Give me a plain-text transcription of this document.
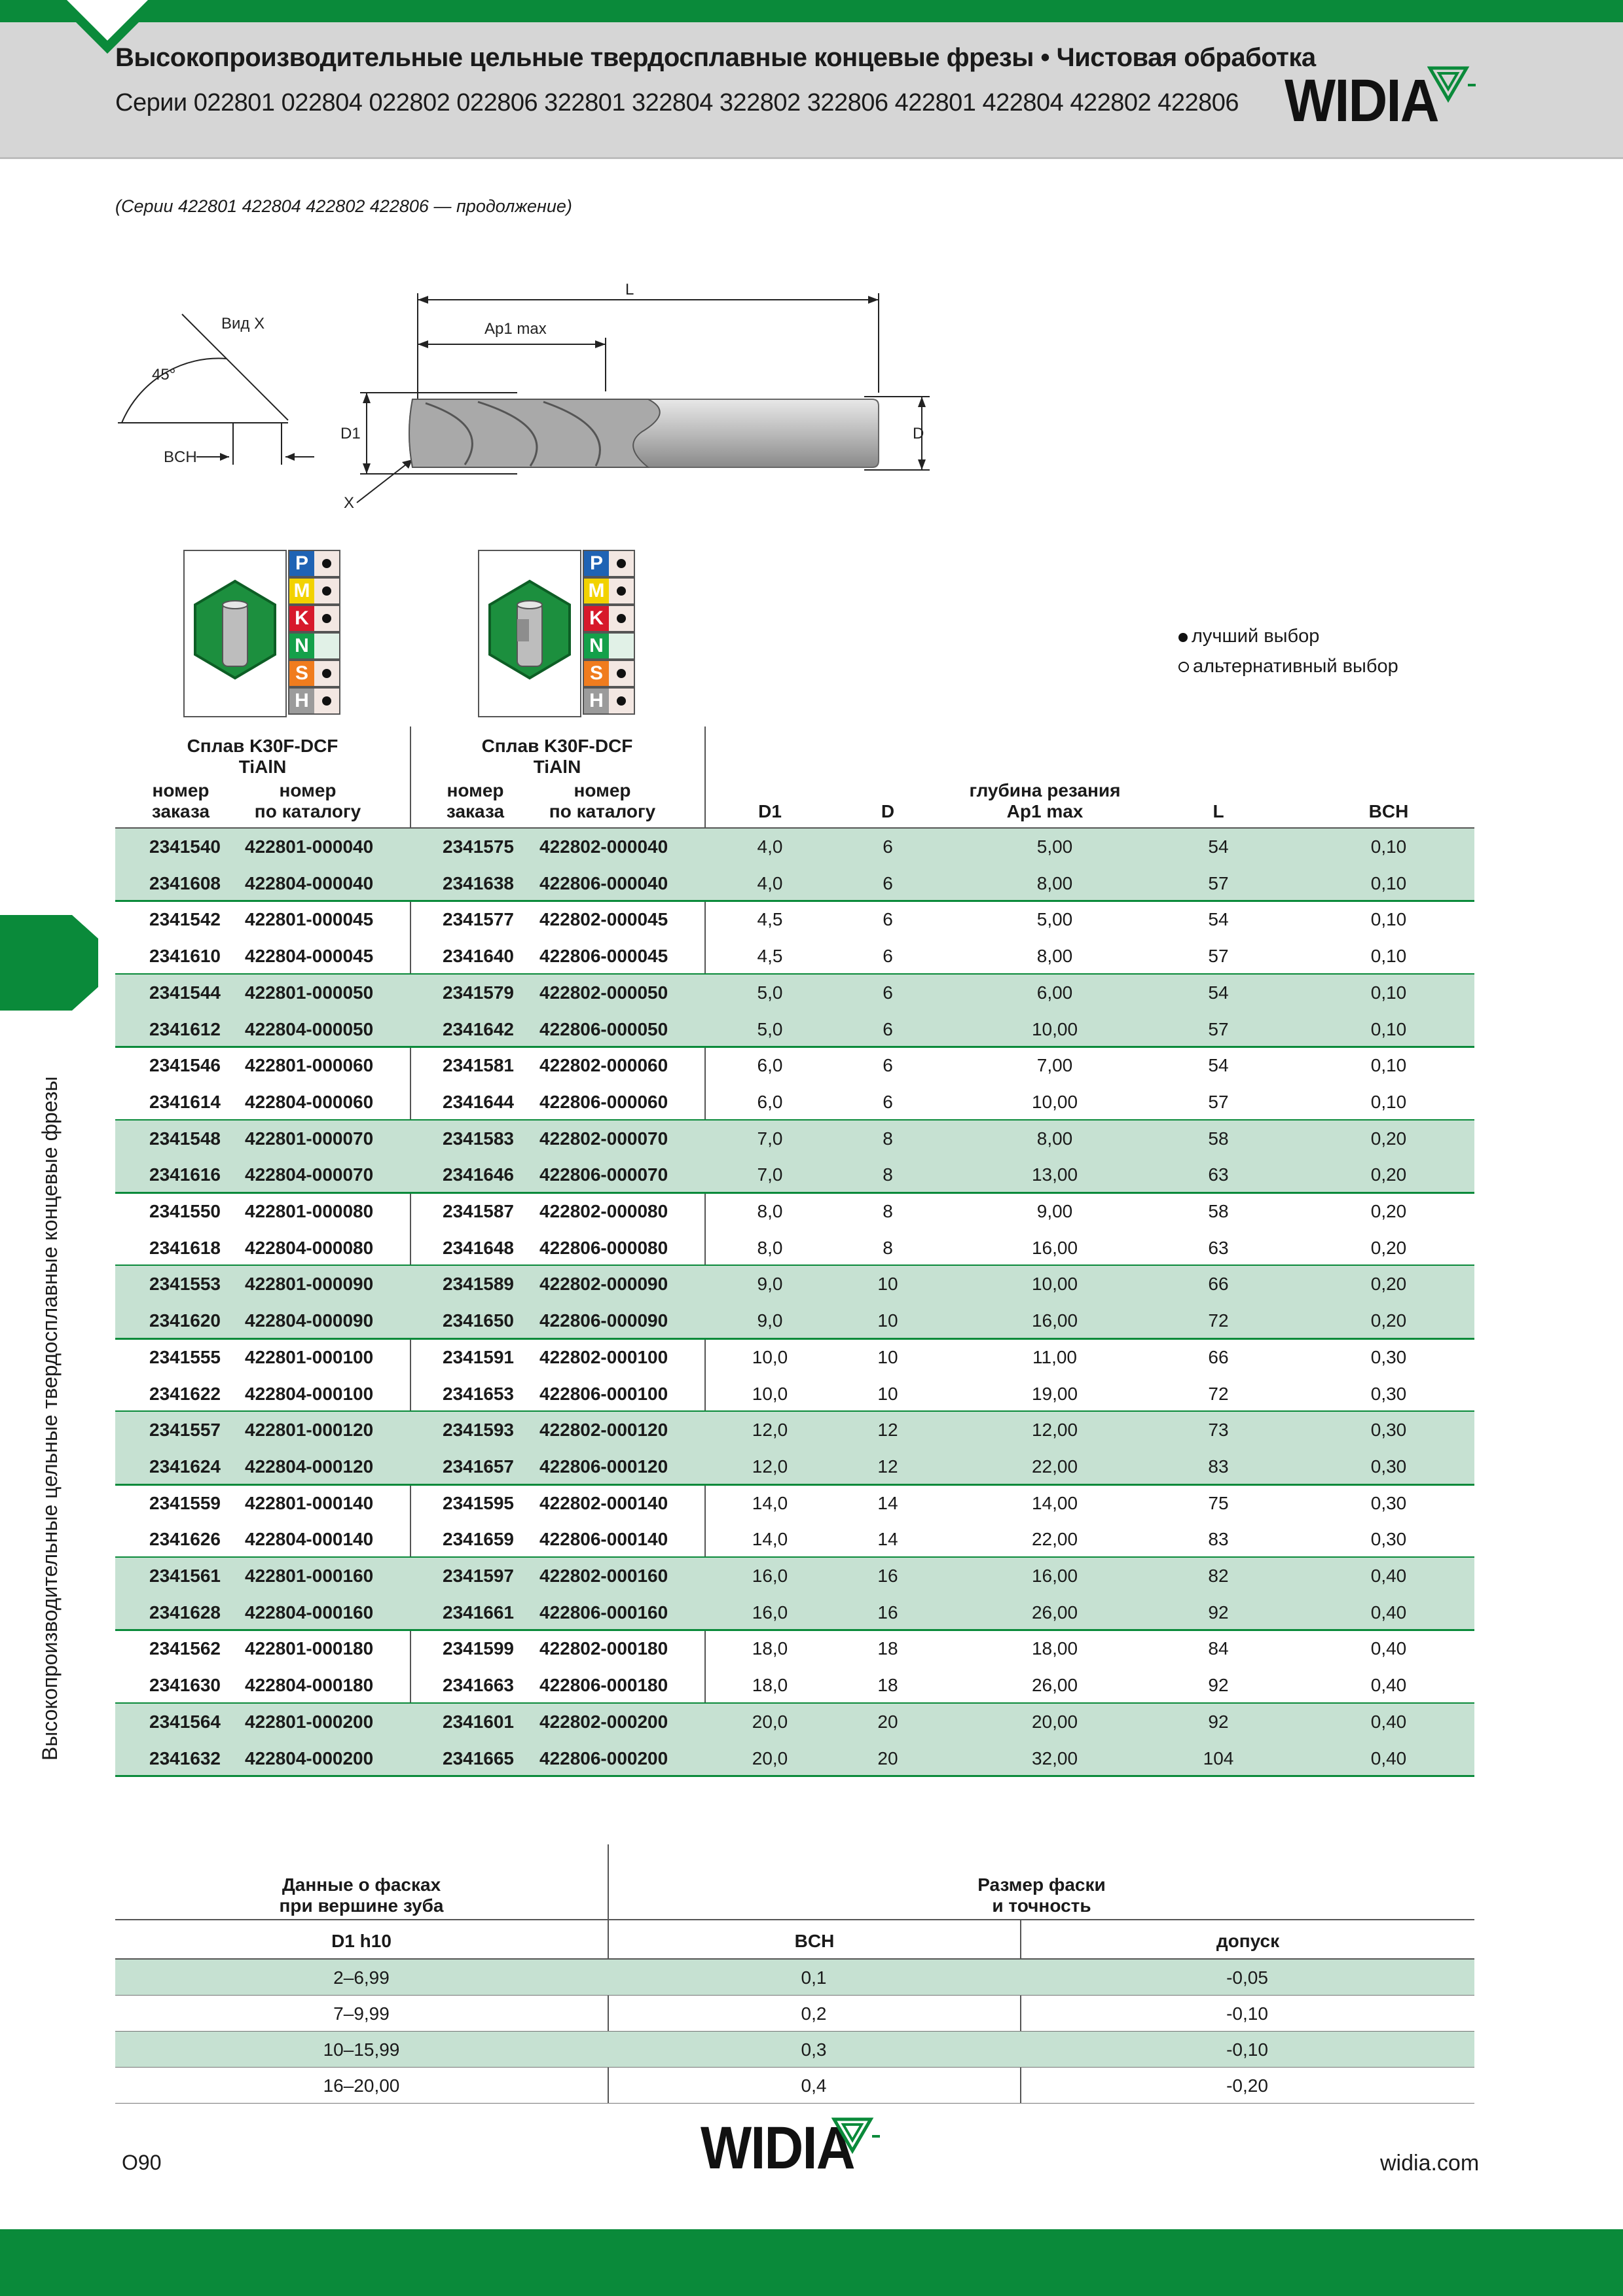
Высокопроизводительные цельные твердосплавные концевые фрезы • Чистовая обработка
Серии 022801 022804 022802 022806 322801 322804 322802 322806 422801 422804 422802 422806 WIDIA
(Серии 422801 422804 422802 422806 — продолжение)
Вид X
45°
BCH
X
L
Ap1 max
D1	D
P
M
K
N
S
H
P
M
K
N
S
H
лучший выбор
альтернативный выбор
Высокопроизводительные цельные твердосплавные концевые фрезы
Сплав K30F-DCF
TiAlN
Сплав K30F-DCF
TiAlN
номер
заказа
номер
по каталогу
номер
заказа
номер
по каталогу	D1	D
глубина резания
Ap1 max	L	BCH
2341540 422801-000040	2341575 422802-000040	4,0	6	5,00	54	0,10
2341608 422804-000040	2341638 422806-000040	4,0	6	8,00	57	0,10
2341542 422801-000045	2341577 422802-000045	4,5	6	5,00	54	0,10
2341610 422804-000045	2341640 422806-000045	4,5	6	8,00	57	0,10
2341544 422801-000050	2341579 422802-000050	5,0	6	6,00	54	0,10
2341612 422804-000050	2341642 422806-000050	5,0	6	10,00	57	0,10
2341546 422801-000060	2341581 422802-000060	6,0	6	7,00	54	0,10
2341614 422804-000060	2341644 422806-000060	6,0	6	10,00	57	0,10
2341548 422801-000070	2341583 422802-000070	7,0	8	8,00	58	0,20
2341616 422804-000070	2341646 422806-000070	7,0	8	13,00	63	0,20
2341550 422801-000080	2341587 422802-000080	8,0	8	9,00	58	0,20
2341618 422804-000080	2341648 422806-000080	8,0	8	16,00	63	0,20
2341553 422801-000090	2341589 422802-000090	9,0	10	10,00	66	0,20
2341620 422804-000090	2341650 422806-000090	9,0	10	16,00	72	0,20
2341555 422801-000100	2341591 422802-000100	10,0	10	11,00	66	0,30
2341622 422804-000100	2341653 422806-000100	10,0	10	19,00	72	0,30
2341557 422801-000120	2341593 422802-000120	12,0	12	12,00	73	0,30
2341624 422804-000120	2341657 422806-000120	12,0	12	22,00	83	0,30
2341559 422801-000140	2341595 422802-000140	14,0	14	14,00	75	0,30
2341626 422804-000140	2341659 422806-000140	14,0	14	22,00	83	0,30
2341561 422801-000160	2341597 422802-000160	16,0	16	16,00	82	0,40
2341628 422804-000160	2341661 422806-000160	16,0	16	26,00	92	0,40
2341562 422801-000180	2341599 422802-000180	18,0	18	18,00	84	0,40
2341630 422804-000180	2341663 422806-000180	18,0	18	26,00	92	0,40
2341564 422801-000200	2341601 422802-000200	20,0	20	20,00	92	0,40
2341632 422804-000200	2341665 422806-000200	20,0	20	32,00	104	0,40
Данные о фасках
при вершине зуба
Размер фаски
и точность
D1 h10	BCH	допуск
2–6,99	0,1	-0,05
7–9,99	0,2	-0,10
10–15,99	0,3	-0,10
16–20,00	0,4	-0,20
O90	widia.com
WIDIA
